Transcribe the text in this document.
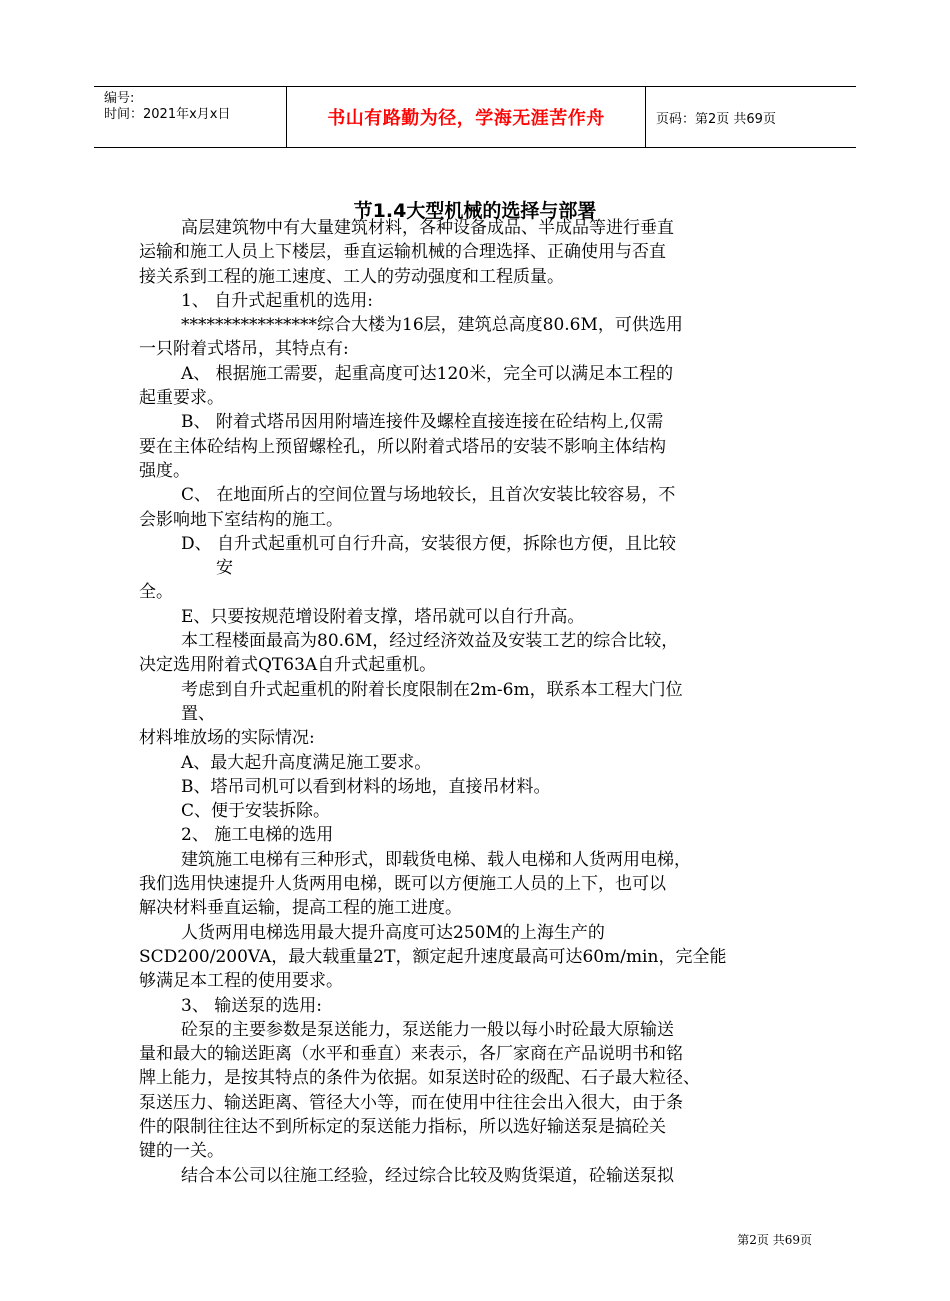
编号:
时间：2021年x月x日	书山有路勤为径，学海无涯苦作舟	页码：第2页 共69页
节1.4大型机械的选择与部署
高层建筑物中有大量建筑材料，各种设备成品、半成品等进行垂直
运输和施工人员上下楼层，垂直运输机械的合理选择、正确使用与否直
接关系到工程的施工速度、工人的劳动强度和工程质量。
1、 自升式起重机的选用:
****************综合大楼为16层，建筑总高度80.6M，可供选用
一只附着式塔吊，其特点有:
A、 根据施工需要，起重高度可达120米，完全可以满足本工程的
起重要求。
B、 附着式塔吊因用附墙连接件及螺栓直接连接在砼结构上,仅需
要在主体砼结构上预留螺栓孔，所以附着式塔吊的安装不影响主体结构
强度。
C、 在地面所占的空间位置与场地较长，且首次安装比较容易，不
会影响地下室结构的施工。
D、 自升式起重机可自行升高，安装很方便，拆除也方便，且比较
安
全。
E、只要按规范增设附着支撑，塔吊就可以自行升高。
本工程楼面最高为80.6M，经过经济效益及安装工艺的综合比较，
决定选用附着式QT63A自升式起重机。
考虑到自升式起重机的附着长度限制在2m-6m，联系本工程大门位
置、
材料堆放场的实际情况:
A、最大起升高度满足施工要求。
B、塔吊司机可以看到材料的场地，直接吊材料。
C、便于安装拆除。
2、 施工电梯的选用
建筑施工电梯有三种形式，即载货电梯、载人电梯和人货两用电梯，
我们选用快速提升人货两用电梯，既可以方便施工人员的上下，也可以
解决材料垂直运输，提高工程的施工进度。
人货两用电梯选用最大提升高度可达250M的上海生产的
SCD200/200VA，最大载重量2T，额定起升速度最高可达60m/min，完全能
够满足本工程的使用要求。
3、 输送泵的选用:
砼泵的主要参数是泵送能力，泵送能力一般以每小时砼最大原输送
量和最大的输送距离（水平和垂直）来表示，各厂家商在产品说明书和铭
牌上能力，是按其特点的条件为依据。如泵送时砼的级配、石子最大粒径、
泵送压力、输送距离、管径大小等，而在使用中往往会出入很大，由于条
件的限制往往达不到所标定的泵送能力指标，所以选好输送泵是搞砼关
键的一关。
结合本公司以往施工经验，经过综合比较及购货渠道，砼输送泵拟
第2页 共69页
